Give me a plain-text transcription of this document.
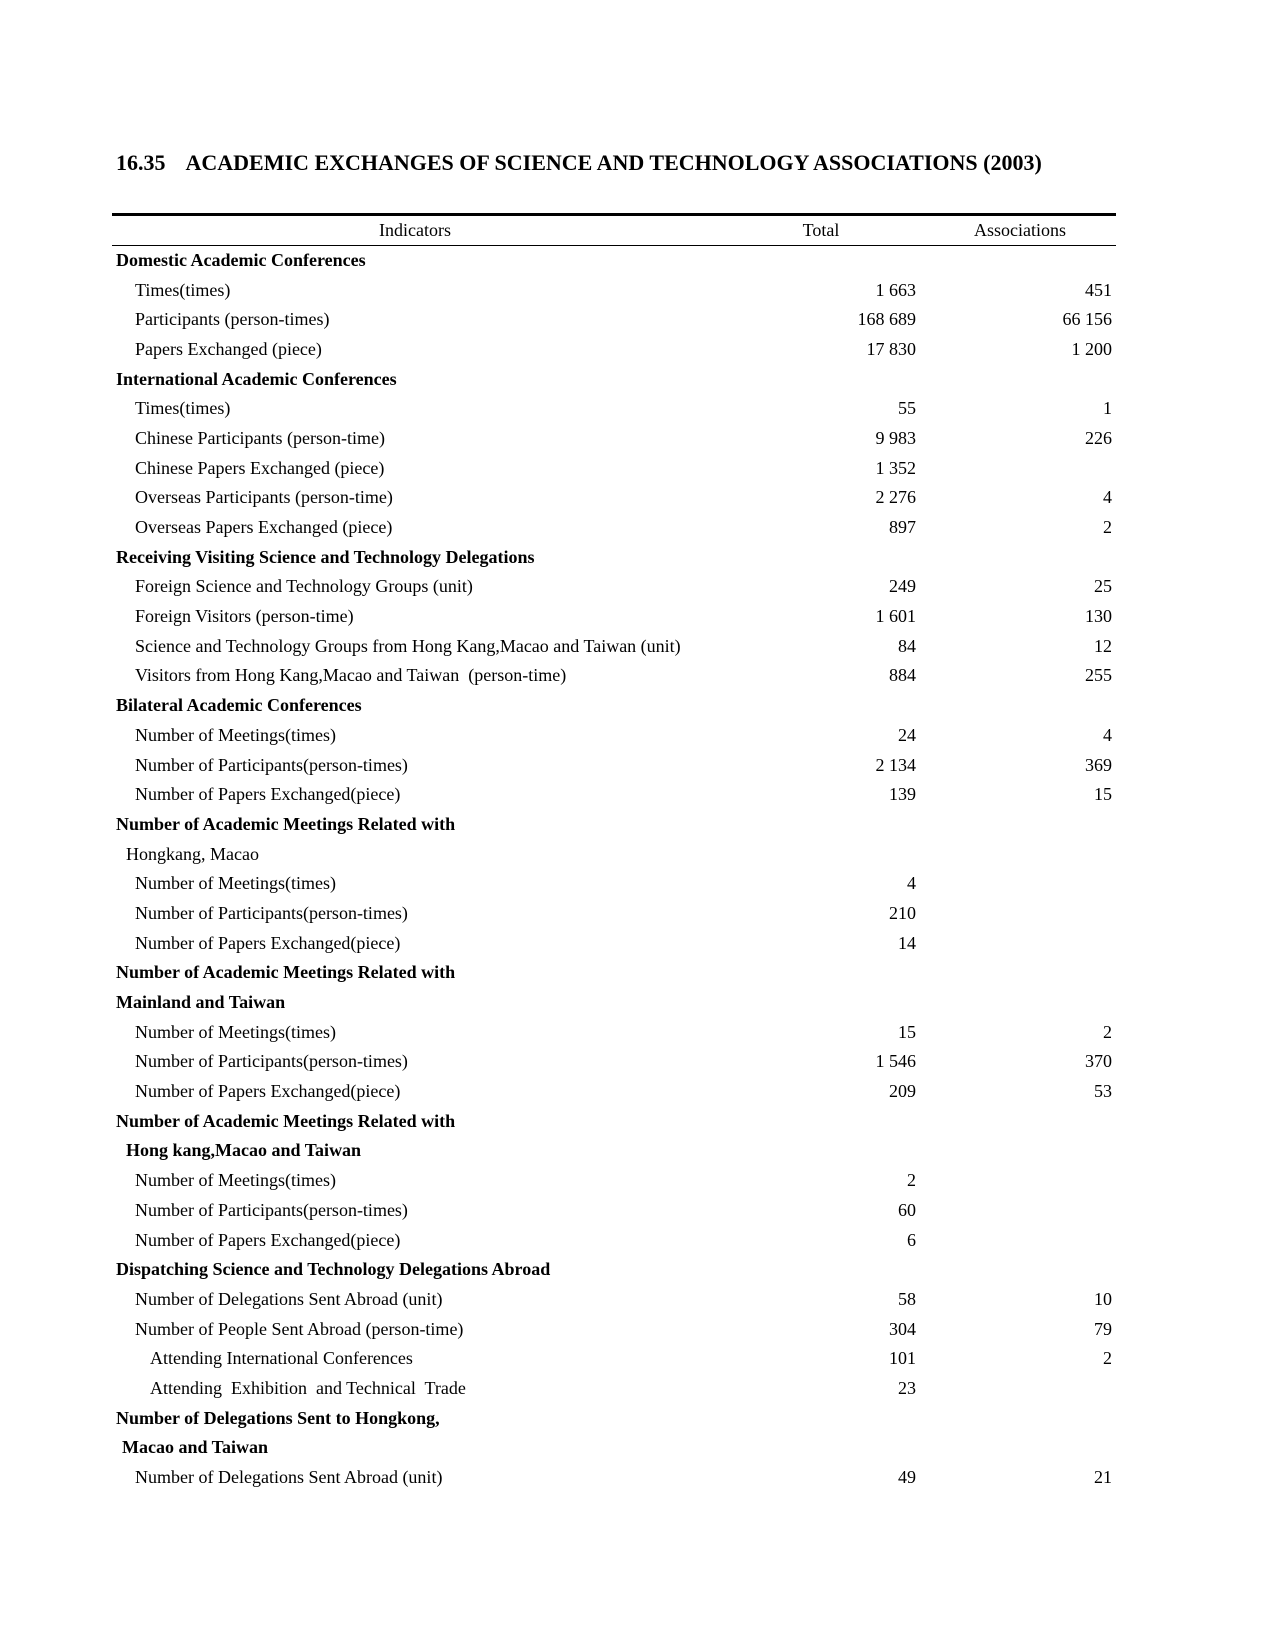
16.35 ACADEMIC EXCHANGES OF SCIENCE AND TECHNOLOGY ASSOCIATIONS (2003)
Indicators	Total	Associations
Domestic Academic Conferences		
Times(times)	1 663	451
Participants (person-times)	168 689	66 156
Papers Exchanged (piece)	17 830	1 200
International Academic Conferences		
Times(times)	55	1
Chinese Participants (person-time)	9 983	226
Chinese Papers Exchanged (piece)	1 352	
Overseas Participants (person-time)	2 276	4
Overseas Papers Exchanged (piece)	897	2
Receiving Visiting Science and Technology Delegations		
Foreign Science and Technology Groups (unit)	249	25
Foreign Visitors (person-time)	1 601	130
Science and Technology Groups from Hong Kang,Macao and Taiwan (unit)	84	12
Visitors from Hong Kang,Macao and Taiwan  (person-time)	884	255
Bilateral Academic Conferences		
Number of Meetings(times)	24	4
Number of Participants(person-times)	2 134	369
Number of Papers Exchanged(piece)	139	15
Number of Academic Meetings Related with		
Hongkang, Macao		
Number of Meetings(times)	4	
Number of Participants(person-times)	210	
Number of Papers Exchanged(piece)	14	
Number of Academic Meetings Related with		
Mainland and Taiwan		
Number of Meetings(times)	15	2
Number of Participants(person-times)	1 546	370
Number of Papers Exchanged(piece)	209	53
Number of Academic Meetings Related with		
Hong kang,Macao and Taiwan		
Number of Meetings(times)	2	
Number of Participants(person-times)	60	
Number of Papers Exchanged(piece)	6	
Dispatching Science and Technology Delegations Abroad		
Number of Delegations Sent Abroad (unit)	58	10
Number of People Sent Abroad (person-time)	304	79
Attending International Conferences	101	2
Attending  Exhibition  and Technical  Trade	23	
Number of Delegations Sent to Hongkong,		
Macao and Taiwan		
Number of Delegations Sent Abroad (unit)	49	21
